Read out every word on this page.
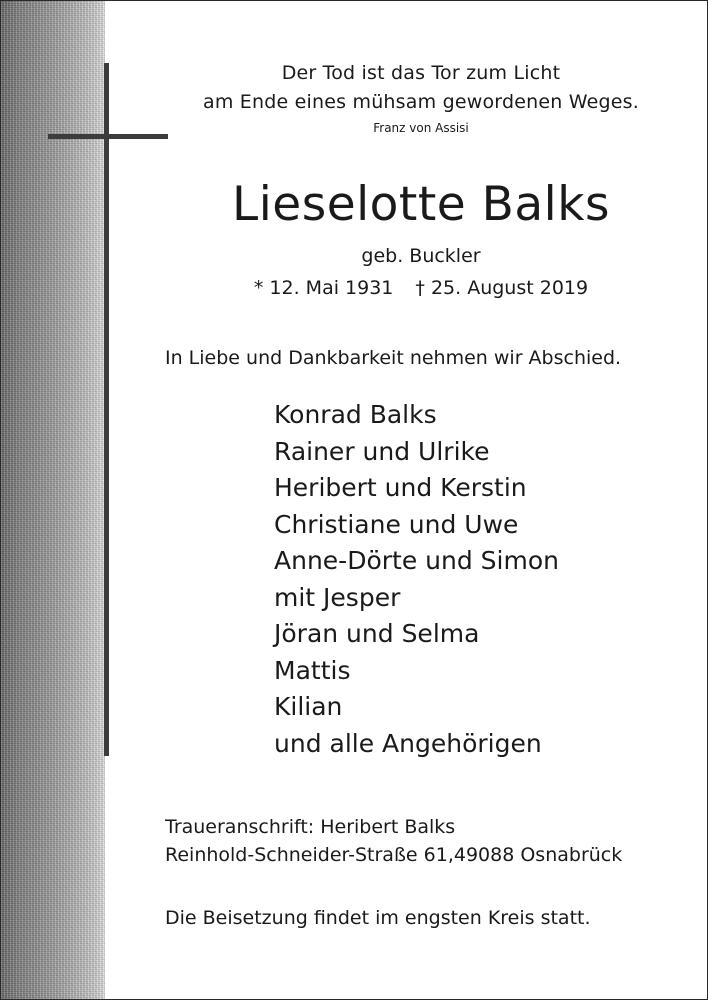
Der Tod ist das Tor zum Licht
am Ende eines mühsam gewordenen Weges.
Franz von Assisi
Lieselotte Balks
geb. Buckler
* 12. Mai 1931 † 25. August 2019
In Liebe und Dankbarkeit nehmen wir Abschied.
Konrad Balks
Rainer und Ulrike
Heribert und Kerstin
Christiane und Uwe
Anne-Dörte und Simon
mit Jesper
Jöran und Selma
Mattis
Kilian
und alle Angehörigen
Traueranschrift: Heribert Balks
Reinhold-Schneider-Straße 61,49088 Osnabrück
Die Beisetzung findet im engsten Kreis statt.
